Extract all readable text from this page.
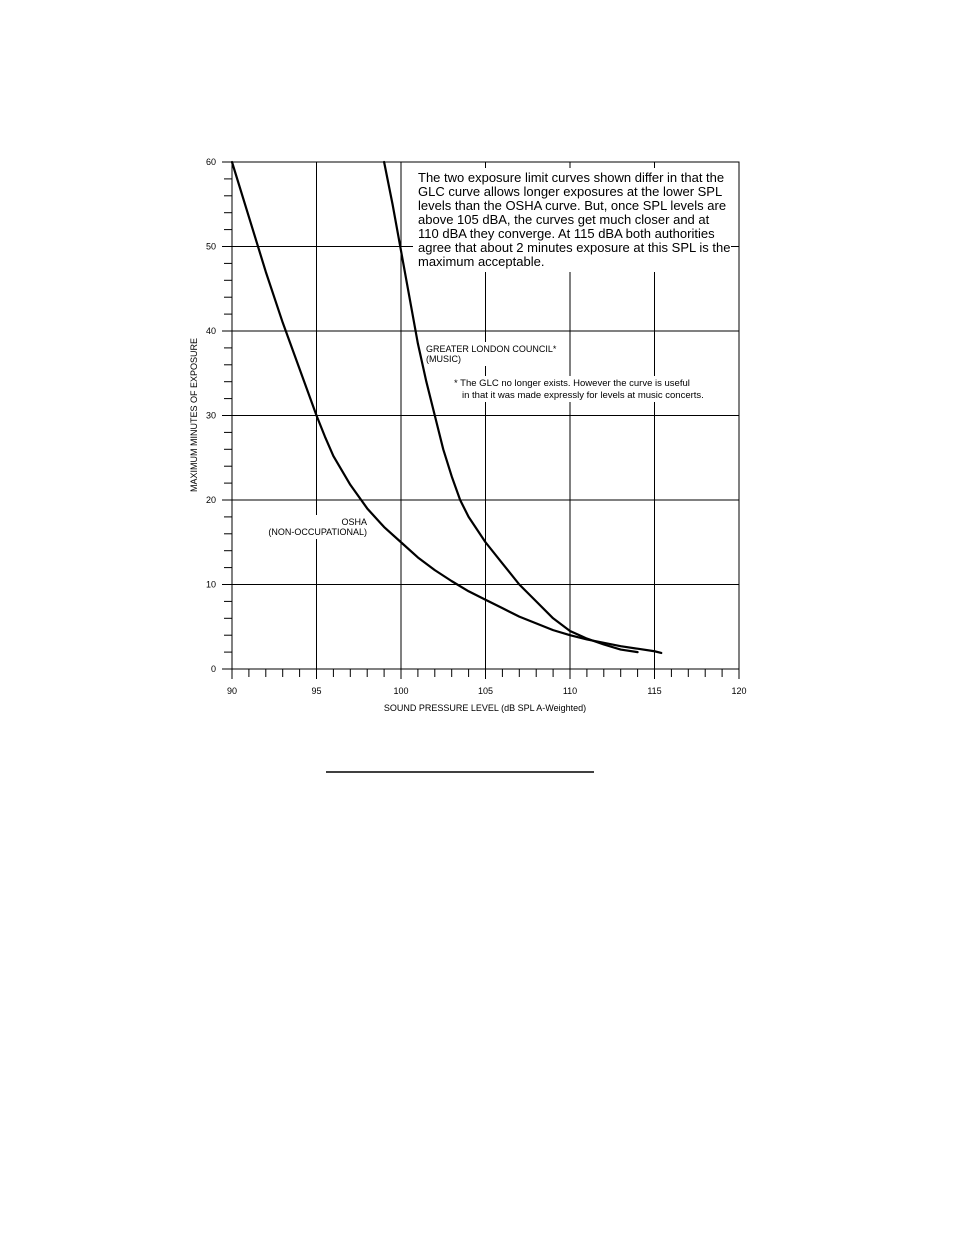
The two exposure limit curves shown differ in that the
GLC curve allows longer exposures at the lower SPL
levels than the OSHA curve. But, once SPL levels are
above 105 dBA, the curves get much closer and at
110 dBA they converge. At 115 dBA both authorities
agree that about 2 minutes exposure at this SPL is the
maximum acceptable.
GREATER LONDON COUNCIL*
(MUSIC)
* The GLC no longer exists. However the curve is useful
in that it was made expressly for levels at music concerts.
OSHA
(NON-OCCUPATIONAL)
90	95	100	105	110	115	120
0
10
20
30
40
50
60
SOUND PRESSURE LEVEL (dB SPL A-Weighted)
MAXIMUM MINUTES OF EXPOSURE
